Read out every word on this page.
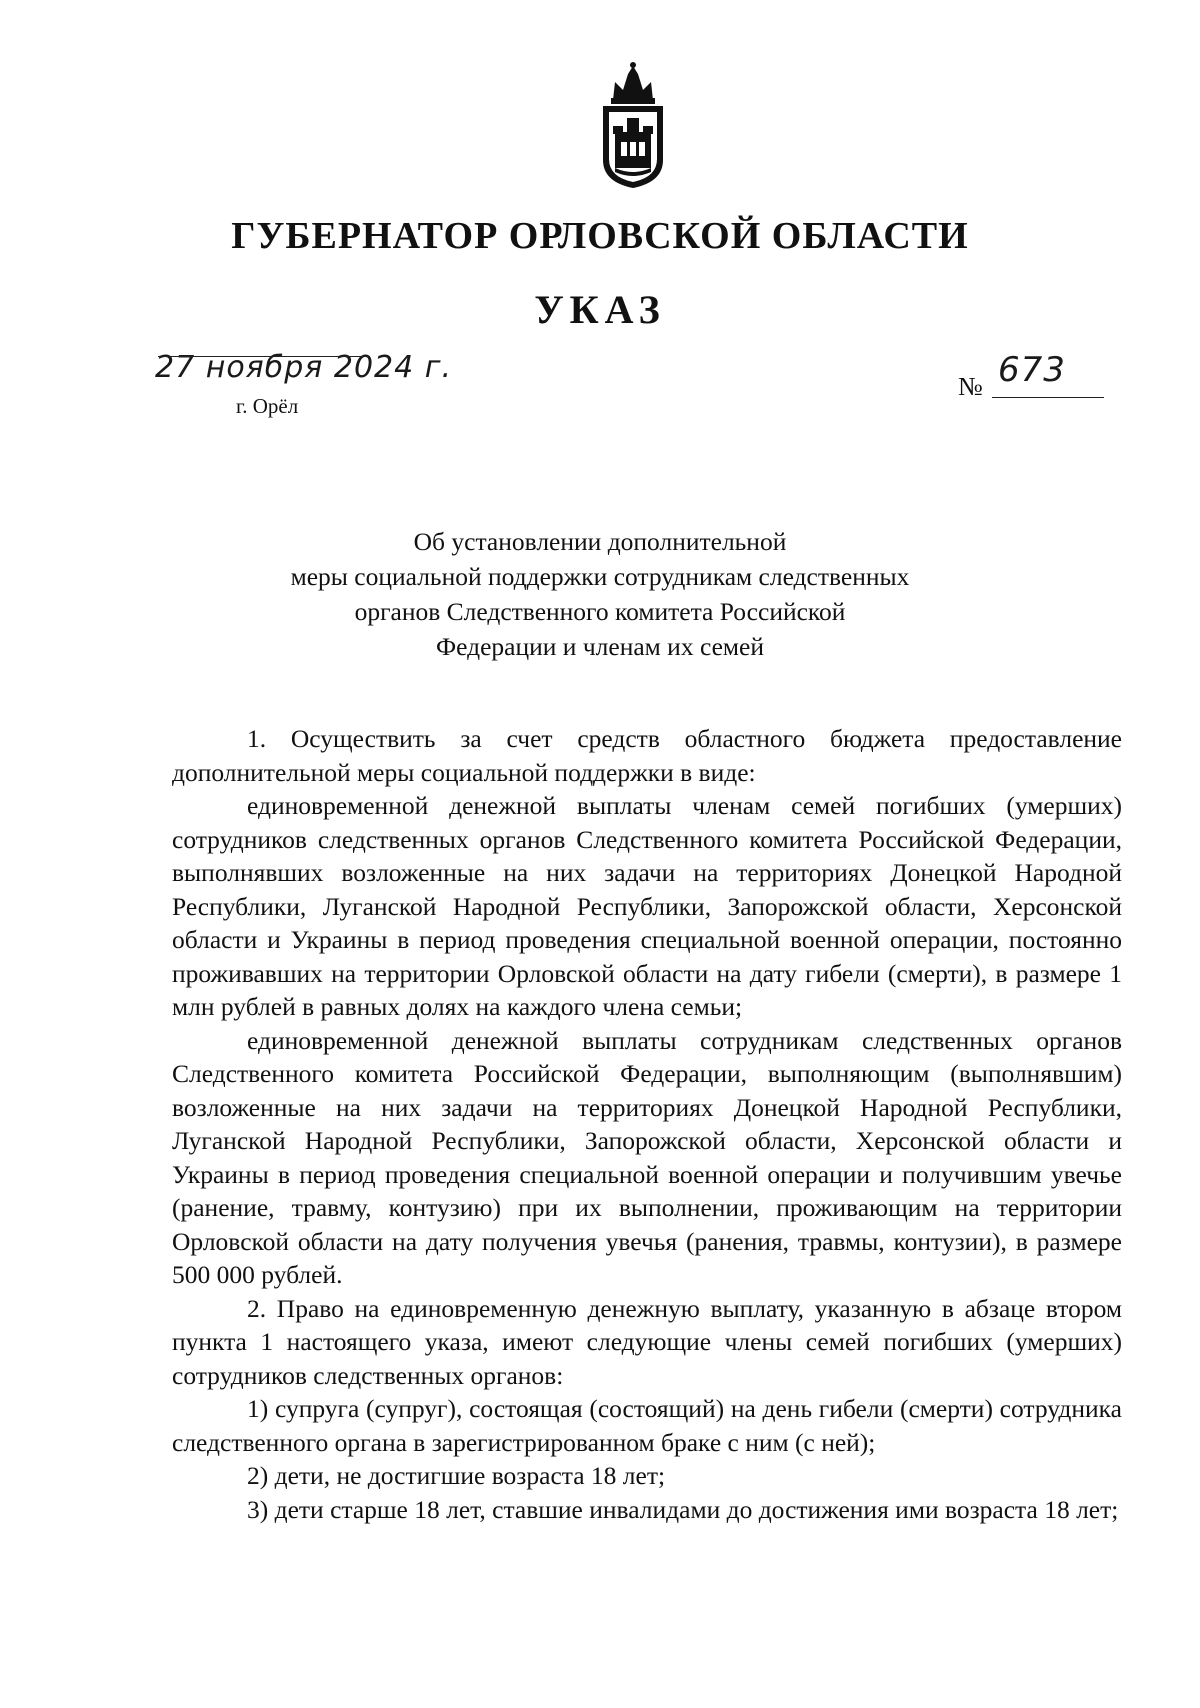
ГУБЕРНАТОР ОРЛОВСКОЙ ОБЛАСТИ
УКАЗ
27 ноября 2024 г.
г. Орёл
№ 673
Об установлении дополнительной
меры социальной поддержки сотрудникам следственных
органов Следственного комитета Российской
Федерации и членам их семей

1. Осуществить за счет средств областного бюджета предоставление дополнительной меры социальной поддержки в виде:

единовременной денежной выплаты членам семей погибших (умерших) сотрудников следственных органов Следственного комитета Российской Федерации, выполнявших возложенные на них задачи на территориях Донецкой Народной Республики, Луганской Народной Республики, Запорожской области, Херсонской области и Украины в период проведения специальной военной операции, постоянно проживавших на территории Орловской области на дату гибели (смерти), в размере 1 млн рублей в равных долях на каждого члена семьи;

единовременной денежной выплаты сотрудникам следственных органов Следственного комитета Российской Федерации, выполняющим (выполнявшим) возложенные на них задачи на территориях Донецкой Народной Республики, Луганской Народной Республики, Запорожской области, Херсонской области и Украины в период проведения специальной военной операции и получившим увечье (ранение, травму, контузию) при их выполнении, проживающим на территории Орловской области на дату получения увечья (ранения, травмы, контузии), в размере 500 000 рублей.

2. Право на единовременную денежную выплату, указанную в абзаце втором пункта 1 настоящего указа, имеют следующие члены семей погибших (умерших) сотрудников следственных органов:

1) супруга (супруг), состоящая (состоящий) на день гибели (смерти) сотрудника следственного органа в зарегистрированном браке с ним (с ней);

2) дети, не достигшие возраста 18 лет;

3) дети старше 18 лет, ставшие инвалидами до достижения ими возраста 18 лет;
